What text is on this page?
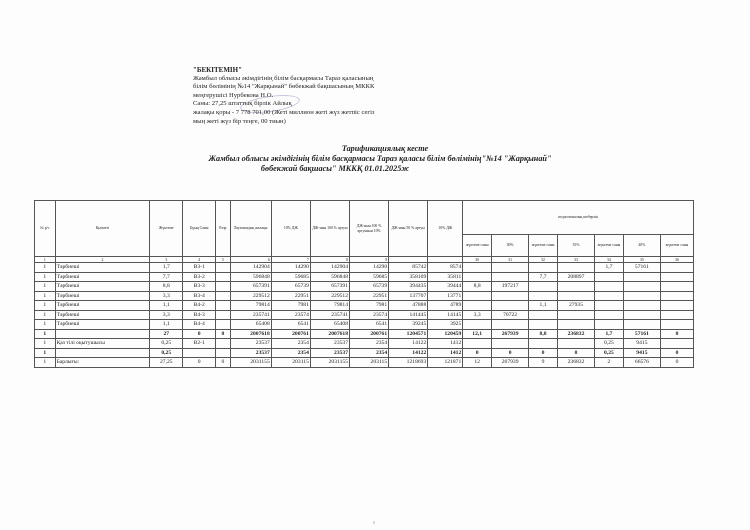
"БЕКІТЕМІН"
Жамбыл облысы әкімдігінің білім басқармасы Тараз қаласының
білім бөлімінің №14 "Жарқынай" бөбекжай бақшасының МККК
меңгерушісі Нурбекова Н.О.
Саны: 27,25 штаттық бірлік Айлық
жалақы қоры - 7 778 701,00 (Жеті миллион жеті жүз жетпіс сегіз
мың жеті жүз бір теңге, 00 тиын)
Тарификациялық кесте
Жамбыл облысы әкімдігінің білім басқармасы Тараз қаласы білім бөлімінің"№14 "Жарқынай"
бөбекжай бақшасы" МККҚ 01.01.2025ж
№ р/с	Қызметі	Жүктеме	Бұың Саны	Разр	Лауазымдық жалақы	10% ДЖ	ДЖ-нын 100 % артуы	ДЖ-нын 100 % артуынан 10%	ДЖ-нын 50 % артуы	10% ДЖ	педагогикалық шеберлік						
											жүктеме саны	30%	жүктеме саны	35%	жүктеме саны	40%	жүктеме саны
1	2	3	4	5	6	7	8	9			30	31	32	33	34	35	36
1	Тәрбиеші	1,7	В3-1		142904	14290	142904	14290	85742	8574					1,7	57161	
1	Тәрбиеші	7,7	В3-2		596848	59685	596848	59685	358109	35811			7,7	208897			
1	Тәрбиеші	8,8	В3-3		657391	65739	657391	65739	394435	39444	8,8	197217					
1	Тәрбиеші	3,3	В3-4		229512	22951	229512	22951	137707	13771							
1	Тәрбиеші	1,1	В4-2		79814	7981	79814	7981	47888	4789			1,1	27935			
1	Тәрбиеші	3,3	В4-3		235741	23574	235741	23574	141445	14145	3,3	70722					
1	Тәрбиеші	1,1	В4-4		65408	6541	65408	6541	39245	3925							
1		27	0	0	2007618	200761	2007618	200761	1204571	120459	12,1	267939	8,8	236832	1,7	57161	0
1	Қаз тілі оқытушысы	0,25	В2-1		23537	2354	23537	2354	14122	1412					0,25	9415	
1		0,25			23537	2354	23537	2354	14122	1412	0	0	0	0	0,25	9415	0
1	Барлығы:	27,25	0	0	2031155	203115	2031155	203115	1218693	121871	12	267939	9	236832	2	66576	0
8
